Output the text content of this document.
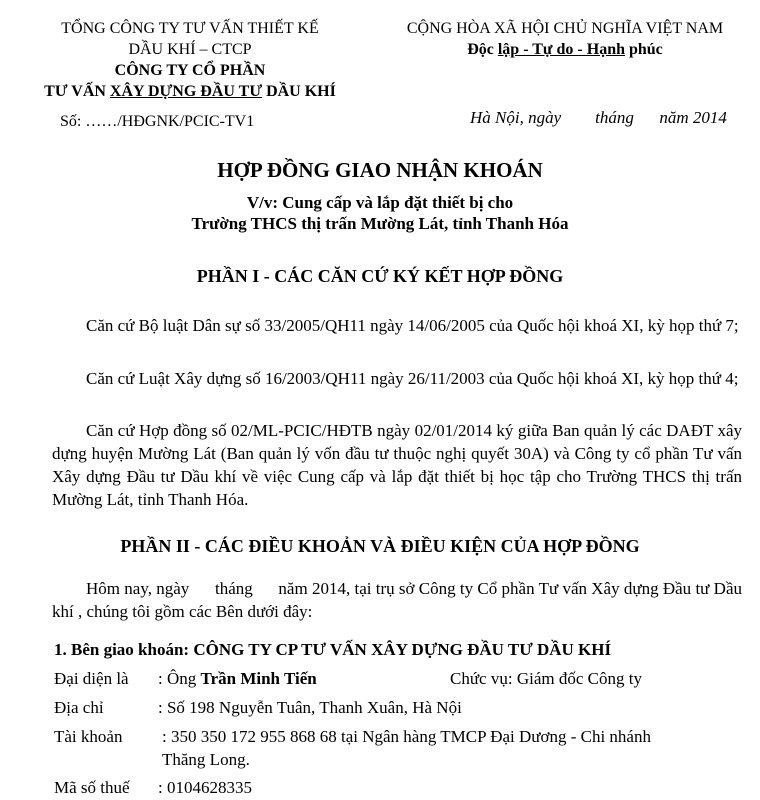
TỔNG CÔNG TY TƯ VẤN THIẾT KẾ
DẦU KHÍ – CTCP
CÔNG TY CỔ PHẦN
TƯ VẤN XÂY DỰNG ĐẦU TƯ DẦU KHÍ
Số: ……/HĐGNK/PCIC-TV1
CỘNG HÒA XÃ HỘI CHỦ NGHĨA VIỆT NAM
Độc lập - Tự do - Hạnh phúc
Hà Nội, ngày        tháng      năm 2014
HỢP ĐỒNG GIAO NHẬN KHOÁN
V/v: Cung cấp và lắp đặt thiết bị cho
Trường THCS thị trấn Mường Lát, tỉnh Thanh Hóa
PHẦN I - CÁC CĂN CỨ KÝ KẾT HỢP ĐỒNG
Căn cứ Bộ luật Dân sự số 33/2005/QH11 ngày 14/06/2005 của Quốc hội khoá XI, kỳ họp thứ 7;
Căn cứ Luật Xây dựng số 16/2003/QH11 ngày 26/11/2003 của Quốc hội khoá XI, kỳ họp thứ 4;
Căn cứ Hợp đồng số 02/ML-PCIC/HĐTB ngày 02/01/2014 ký giữa Ban quản lý các DAĐT xây dựng huyện Mường Lát (Ban quản lý vốn đầu tư thuộc nghị quyết 30A) và Công ty cổ phần Tư vấn Xây dựng Đầu tư Dầu khí về việc Cung cấp và lắp đặt thiết bị học tập cho Trường THCS thị trấn Mường Lát, tỉnh Thanh Hóa.
PHẦN II - CÁC ĐIỀU KHOẢN VÀ ĐIỀU KIỆN CỦA HỢP ĐỒNG
Hôm nay, ngày      tháng      năm 2014, tại trụ sở Công ty Cổ phần Tư vấn Xây dựng Đầu tư Dầu khí , chúng tôi gồm các Bên dưới đây:
1. Bên giao khoán: CÔNG TY CP TƯ VẤN XÂY DỰNG ĐẦU TƯ DẦU KHÍ
Đại diện là : Ông Trần Minh Tiến	Chức vụ: Giám đốc Công ty
Địa chỉ	: Số 198 Nguyễn Tuân, Thanh Xuân, Hà Nội
Tài khoản : 350 350 172 955 868 68 tại Ngân hàng TMCP Đại Dương - Chi nhánh
Thăng Long.
Mã số thuế : 0104628335
